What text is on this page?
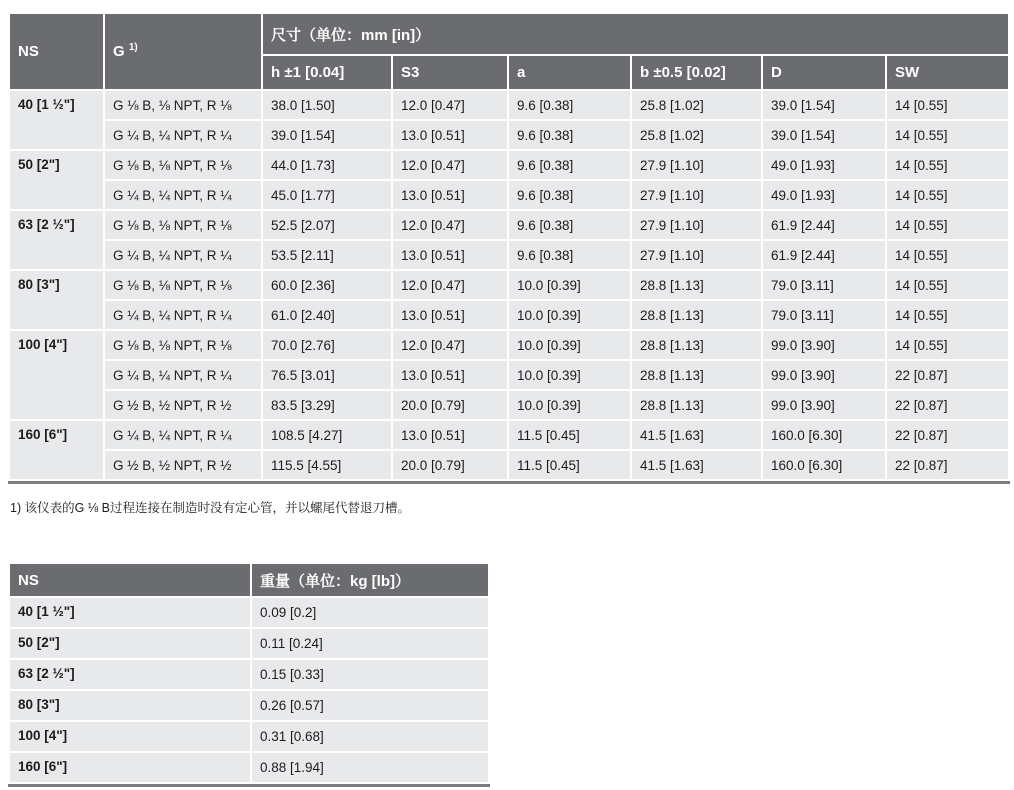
NS	G $^{1)}$	尺寸（单位：mm [in]）					
		h ±1 [0.04]	S3	a	b ±0.5 [0.02]	D	SW
40 [1 ½"]	G ⅛ B, ⅛ NPT, R ⅛	38.0 [1.50]	12.0 [0.47]	9.6 [0.38]	25.8 [1.02]	39.0 [1.54]	14 [0.55]
	G ¼ B, ¼ NPT, R ¼	39.0 [1.54]	13.0 [0.51]	9.6 [0.38]	25.8 [1.02]	39.0 [1.54]	14 [0.55]
50 [2"]	G ⅛ B, ⅛ NPT, R ⅛	44.0 [1.73]	12.0 [0.47]	9.6 [0.38]	27.9 [1.10]	49.0 [1.93]	14 [0.55]
	G ¼ B, ¼ NPT, R ¼	45.0 [1.77]	13.0 [0.51]	9.6 [0.38]	27.9 [1.10]	49.0 [1.93]	14 [0.55]
63 [2 ½"]	G ⅛ B, ⅛ NPT, R ⅛	52.5 [2.07]	12.0 [0.47]	9.6 [0.38]	27.9 [1.10]	61.9 [2.44]	14 [0.55]
	G ¼ B, ¼ NPT, R ¼	53.5 [2.11]	13.0 [0.51]	9.6 [0.38]	27.9 [1.10]	61.9 [2.44]	14 [0.55]
80 [3"]	G ⅛ B, ⅛ NPT, R ⅛	60.0 [2.36]	12.0 [0.47]	10.0 [0.39]	28.8 [1.13]	79.0 [3.11]	14 [0.55]
	G ¼ B, ¼ NPT, R ¼	61.0 [2.40]	13.0 [0.51]	10.0 [0.39]	28.8 [1.13]	79.0 [3.11]	14 [0.55]
100 [4"]	G ⅛ B, ⅛ NPT, R ⅛	70.0 [2.76]	12.0 [0.47]	10.0 [0.39]	28.8 [1.13]	99.0 [3.90]	14 [0.55]
	G ¼ B, ¼ NPT, R ¼	76.5 [3.01]	13.0 [0.51]	10.0 [0.39]	28.8 [1.13]	99.0 [3.90]	22 [0.87]
	G ½ B, ½ NPT, R ½	83.5 [3.29]	20.0 [0.79]	10.0 [0.39]	28.8 [1.13]	99.0 [3.90]	22 [0.87]
160 [6"]	G ¼ B, ¼ NPT, R ¼	108.5 [4.27]	13.0 [0.51]	11.5 [0.45]	41.5 [1.63]	160.0 [6.30]	22 [0.87]
	G ½ B, ½ NPT, R ½	115.5 [4.55]	20.0 [0.79]	11.5 [0.45]	41.5 [1.63]	160.0 [6.30]	22 [0.87]

1) 该仪表的G ⅛ B过程连接在制造时没有定心管，并以螺尾代替退刀槽。

NS	重量（单位：kg [lb]）
40 [1 ½"]	0.09 [0.2]
50 [2"]	0.11 [0.24]
63 [2 ½"]	0.15 [0.33]
80 [3"]	0.26 [0.57]
100 [4"]	0.31 [0.68]
160 [6"]	0.88 [1.94]
